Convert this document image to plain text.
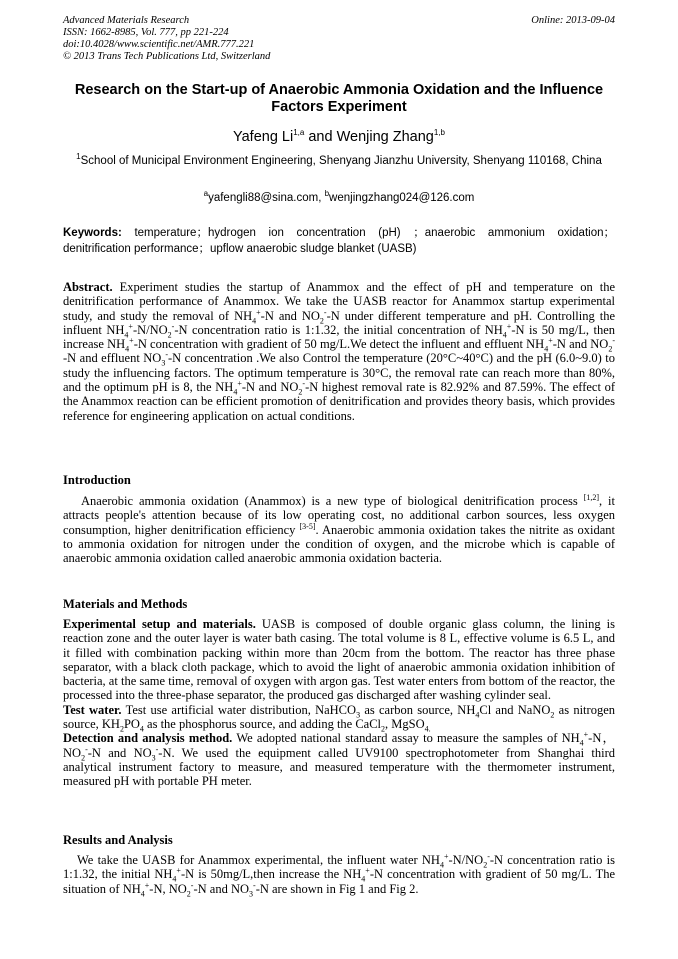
Advanced Materials Research
ISSN: 1662-8985, Vol. 777, pp 221-224
doi:10.4028/www.scientific.net/AMR.777.221
© 2013 Trans Tech Publications Ltd, Switzerland
Online: 2013-09-04
Research on the Start-up of Anaerobic Ammonia Oxidation and the Influence Factors Experiment
Yafeng Li$^{1,a}$ and Wenjing Zhang$^{1,b}$
$^1$School of Municipal Environment Engineering, Shenyang Jianzhu University, Shenyang 110168, China
$^a$yafengli88@sina.com, $^b$wenjingzhang024@126.com
Keywords: temperature；hydrogen ion concentration (pH) ；anaerobic ammonium oxidation；denitrification performance；upflow anaerobic sludge blanket (UASB)
Abstract. Experiment studies the startup of Anammox and the effect of pH and temperature on the denitrification performance of Anammox. We take the UASB reactor for Anammox startup experimental study, and study the removal of $NH_4^+-N$ and $NO_2^--N$ under different temperature and pH. Controlling the influent $NH_4^+-N/NO_2^--N$ concentration ratio is 1:1.32, the initial concentration of $NH_4^+-N$ is 50 mg/L, then increase $NH_4^+-N$ concentration with gradient of 50 mg/L.We detect the influent and effluent $NH_4^+-N$ and $NO_2^--N$ and effluent $NO_3^--N$ concentration .We also Control the temperature (20°C~40°C) and the pH (6.0~9.0) to study the influencing factors. The optimum temperature is 30°C, the removal rate can reach more than 80%, and the optimum pH is 8, the $NH_4^+-N$ and $NO_2^--N$ highest removal rate is 82.92% and 87.59%. The effect of the Anammox reaction can be efficient promotion of denitrification and provides theory basis, which provides reference for engineering application on actual conditions.
Introduction
Anaerobic ammonia oxidation (Anammox) is a new type of biological denitrification process [1,2], it attracts people's attention because of its low operating cost, no additional carbon sources, less oxygen consumption, higher denitrification efficiency [3-5]. Anaerobic ammonia oxidation takes the nitrite as oxidant to ammonia oxidation for nitrogen under the condition of oxygen, and the microbe which is capable of anaerobic ammonia oxidation called anaerobic ammonia oxidation bacteria.
Materials and Methods

Experimental setup and materials. UASB is composed of double organic glass column, the lining is reaction zone and the outer layer is water bath casing. The total volume is 8 L, effective volume is 6.5 L, and it filled with combination packing within more than 20cm from the bottom. The reactor has three phase separator, with a black cloth package, which to avoid the light of anaerobic ammonia oxidation inhibition of bacteria, at the same time, removal of oxygen with argon gas. Test water enters from bottom of the reactor, the processed into the three-phase separator, the produced gas discharged after washing cylinder seal.

Test water. Test use artificial water distribution, NaHCO$_3$ as carbon source, $NH_4Cl$ and NaNO$_2$ as nitrogen source, $KH_2PO_4$ as the phosphorus source, and adding the CaCl$_2$, MgSO$_{4.}$

Detection and analysis method. We adopted national standard assay to measure the samples of $NH_4^+-N$，$NO_2^--N$ and $NO_3^--N$. We used the equipment called UV9100 spectrophotometer from Shanghai third analytical instrument factory to measure, and measured temperature with the thermometer instrument, measured pH with portable PH meter.

Results and Analysis
We take the UASB for Anammox experimental, the influent water $NH_4^+-N/NO_2^--N$ concentration ratio is 1:1.32, the initial $NH_4^+-N$ is 50mg/L,then increase the $NH_4^+-N$ concentration with gradient of 50 mg/L. The situation of $NH_4^+-N$, $NO_2^--N$ and $NO_3^--N$ are shown in Fig 1 and Fig 2.
